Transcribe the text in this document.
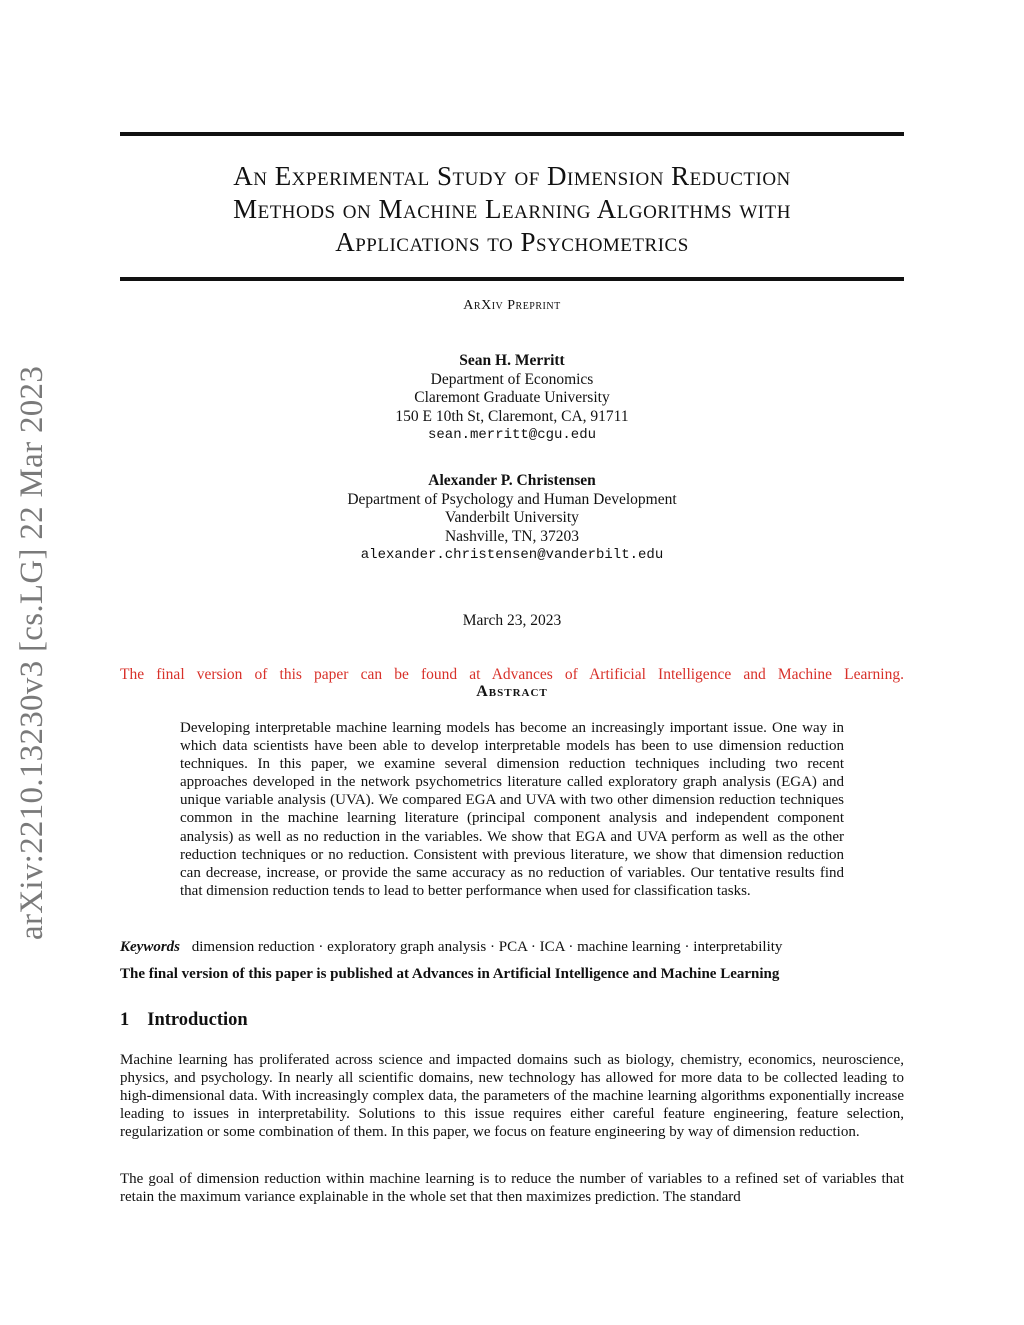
arXiv:2210.13230v3 [cs.LG] 22 Mar 2023
An Experimental Study of Dimension Reduction
Methods on Machine Learning Algorithms with
Applications to Psychometrics
ArXiv Preprint
Sean H. Merritt
Department of Economics
Claremont Graduate University
150 E 10th St, Claremont, CA, 91711
sean.merritt@cgu.edu
Alexander P. Christensen
Department of Psychology and Human Development
Vanderbilt University
Nashville, TN, 37203
alexander.christensen@vanderbilt.edu
March 23, 2023
The final version of this paper can be found at Advances of Artificial Intelligence and Machine Learning.
Abstract

Developing interpretable machine learning models has become an increasingly important issue. One way in which data scientists have been able to develop interpretable models has been to use dimension reduction techniques. In this paper, we examine several dimension reduction techniques including two recent approaches developed in the network psychometrics literature called exploratory graph analysis (EGA) and unique variable analysis (UVA). We compared EGA and UVA with two other dimension reduction techniques common in the machine learning literature (principal component analysis and independent component analysis) as well as no reduction in the variables. We show that EGA and UVA perform as well as the other reduction techniques or no reduction. Consistent with previous literature, we show that dimension reduction can decrease, increase, or provide the same accuracy as no reduction of variables. Our tentative results find that dimension reduction tends to lead to better performance when used for classification tasks.

Keywords dimension reduction · exploratory graph analysis · PCA · ICA · machine learning · interpretability
The final version of this paper is published at Advances in Artificial Intelligence and Machine Learning
1 Introduction

Machine learning has proliferated across science and impacted domains such as biology, chemistry, economics, neuroscience, physics, and psychology. In nearly all scientific domains, new technology has allowed for more data to be collected leading to high-dimensional data. With increasingly complex data, the parameters of the machine learning algorithms exponentially increase leading to issues in interpretability. Solutions to this issue requires either careful feature engineering, feature selection, regularization or some combination of them. In this paper, we focus on feature engineering by way of dimension reduction.

The goal of dimension reduction within machine learning is to reduce the number of variables to a refined set of variables that retain the maximum variance explainable in the whole set that then maximizes prediction. The standard
